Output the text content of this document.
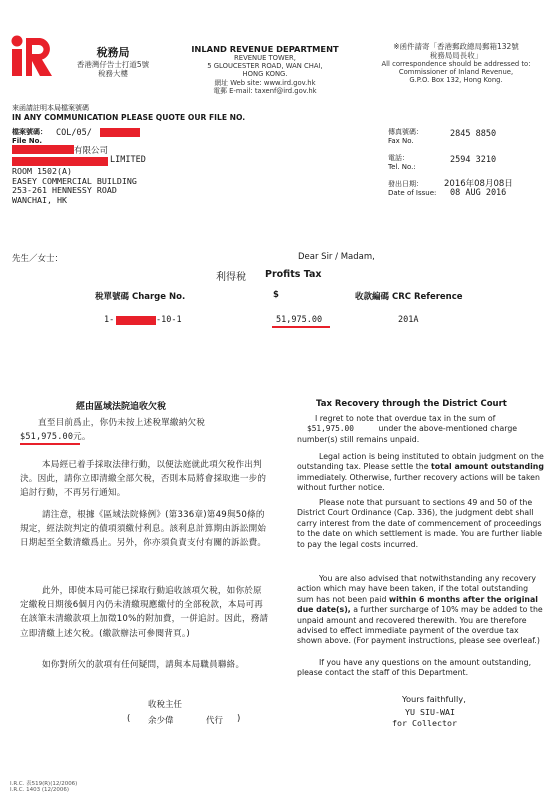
稅務局
香港灣仔告士打道5號
稅務大樓
INLAND REVENUE DEPARTMENT
REVENUE TOWER,
5 GLOUCESTER ROAD, WAN CHAI,
HONG KONG.
網址 Web site: www.ird.gov.hk
電郵 E-mail: taxenf@ird.gov.hk
※函件請寄「香港郵政總局郵箱132號
稅務局局長收」
All correspondence should be addressed to:
Commissioner of Inland Revenue,
G.P.O. Box 132, Hong Kong.
來函請註明本局檔案號碼
IN ANY COMMUNICATION PLEASE QUOTE OUR FILE NO.
檔案號碼：
File No.
COL/05/	傳真號碼：
Fax No.
2845 8850
電話：
Tel. No.:
2594 3210
發出日期：
Date of Issue:
2016年08月08日
08 AUG 2016
有限公司
LIMITED
ROOM 1502(A)
EASEY COMMERCIAL BUILDING
253-261 HENNESSY ROAD
WANCHAI, HK
先生／女士：	Dear Sir / Madam,
利得稅 Profits Tax
稅單號碼 Charge No.	$	收款編碼 CRC Reference
1-	-10-1	51,975.00	201A
經由區域法院追收欠稅
直至目前爲止，你仍未按上述稅單繳納欠稅
$51,975.00元。
本局經已着手採取法律行動，以便法庭就此項欠稅作出判決。因此，請你立即清繳全部欠稅，否則本局將會採取進一步的追討行動，不再另行通知。
請注意，根據《區域法院條例》(第336章)第49與50條的規定，經法院判定的債項須繳付利息。該利息計算期由訴訟開始日期起至全數清繳爲止。另外，你亦須負責支付有關的訴訟費。
此外，即使本局可能已採取行動追收該項欠稅，如你於原定繳稅日期後6個月內仍未清繳現應繳付的全部稅款，本局可再在該筆未清繳款項上加徵10%的附加費，一併追討。因此，務請立即清繳上述欠稅。(繳款辦法可參閱背頁。)
如你對所欠的款項有任何疑問，請與本局職員聯絡。
收稅主任
( 余少偉	代行 )
Tax Recovery through the District Court
I regret to note that overdue tax in the sum of $51,975.00	under the above-mentioned charge number(s) still remains unpaid.
Legal action is being instituted to obtain judgment on the outstanding tax. Please settle the total amount outstanding immediately. Otherwise, further recovery actions will be taken without further notice.
Please note that pursuant to sections 49 and 50 of the District Court Ordinance (Cap. 336), the judgment debt shall carry interest from the date of commencement of proceedings to the date on which settlement is made. You are further liable to pay the legal costs incurred.
You are also advised that notwithstanding any recovery action which may have been taken, if the total outstanding sum has not been paid within 6 months after the original due date(s), a further surcharge of 10% may be added to the unpaid amount and recovered therewith. You are therefore advised to effect immediate payment of the overdue tax shown above. (For payment instructions, please see overleaf.)
If you have any questions on the amount outstanding, please contact the staff of this Department.
Yours faithfully,
YU SIU-WAI
for Collector
I.R.C. 表519(R)(12/2006)
I.R.C. 1403 (12/2006)
